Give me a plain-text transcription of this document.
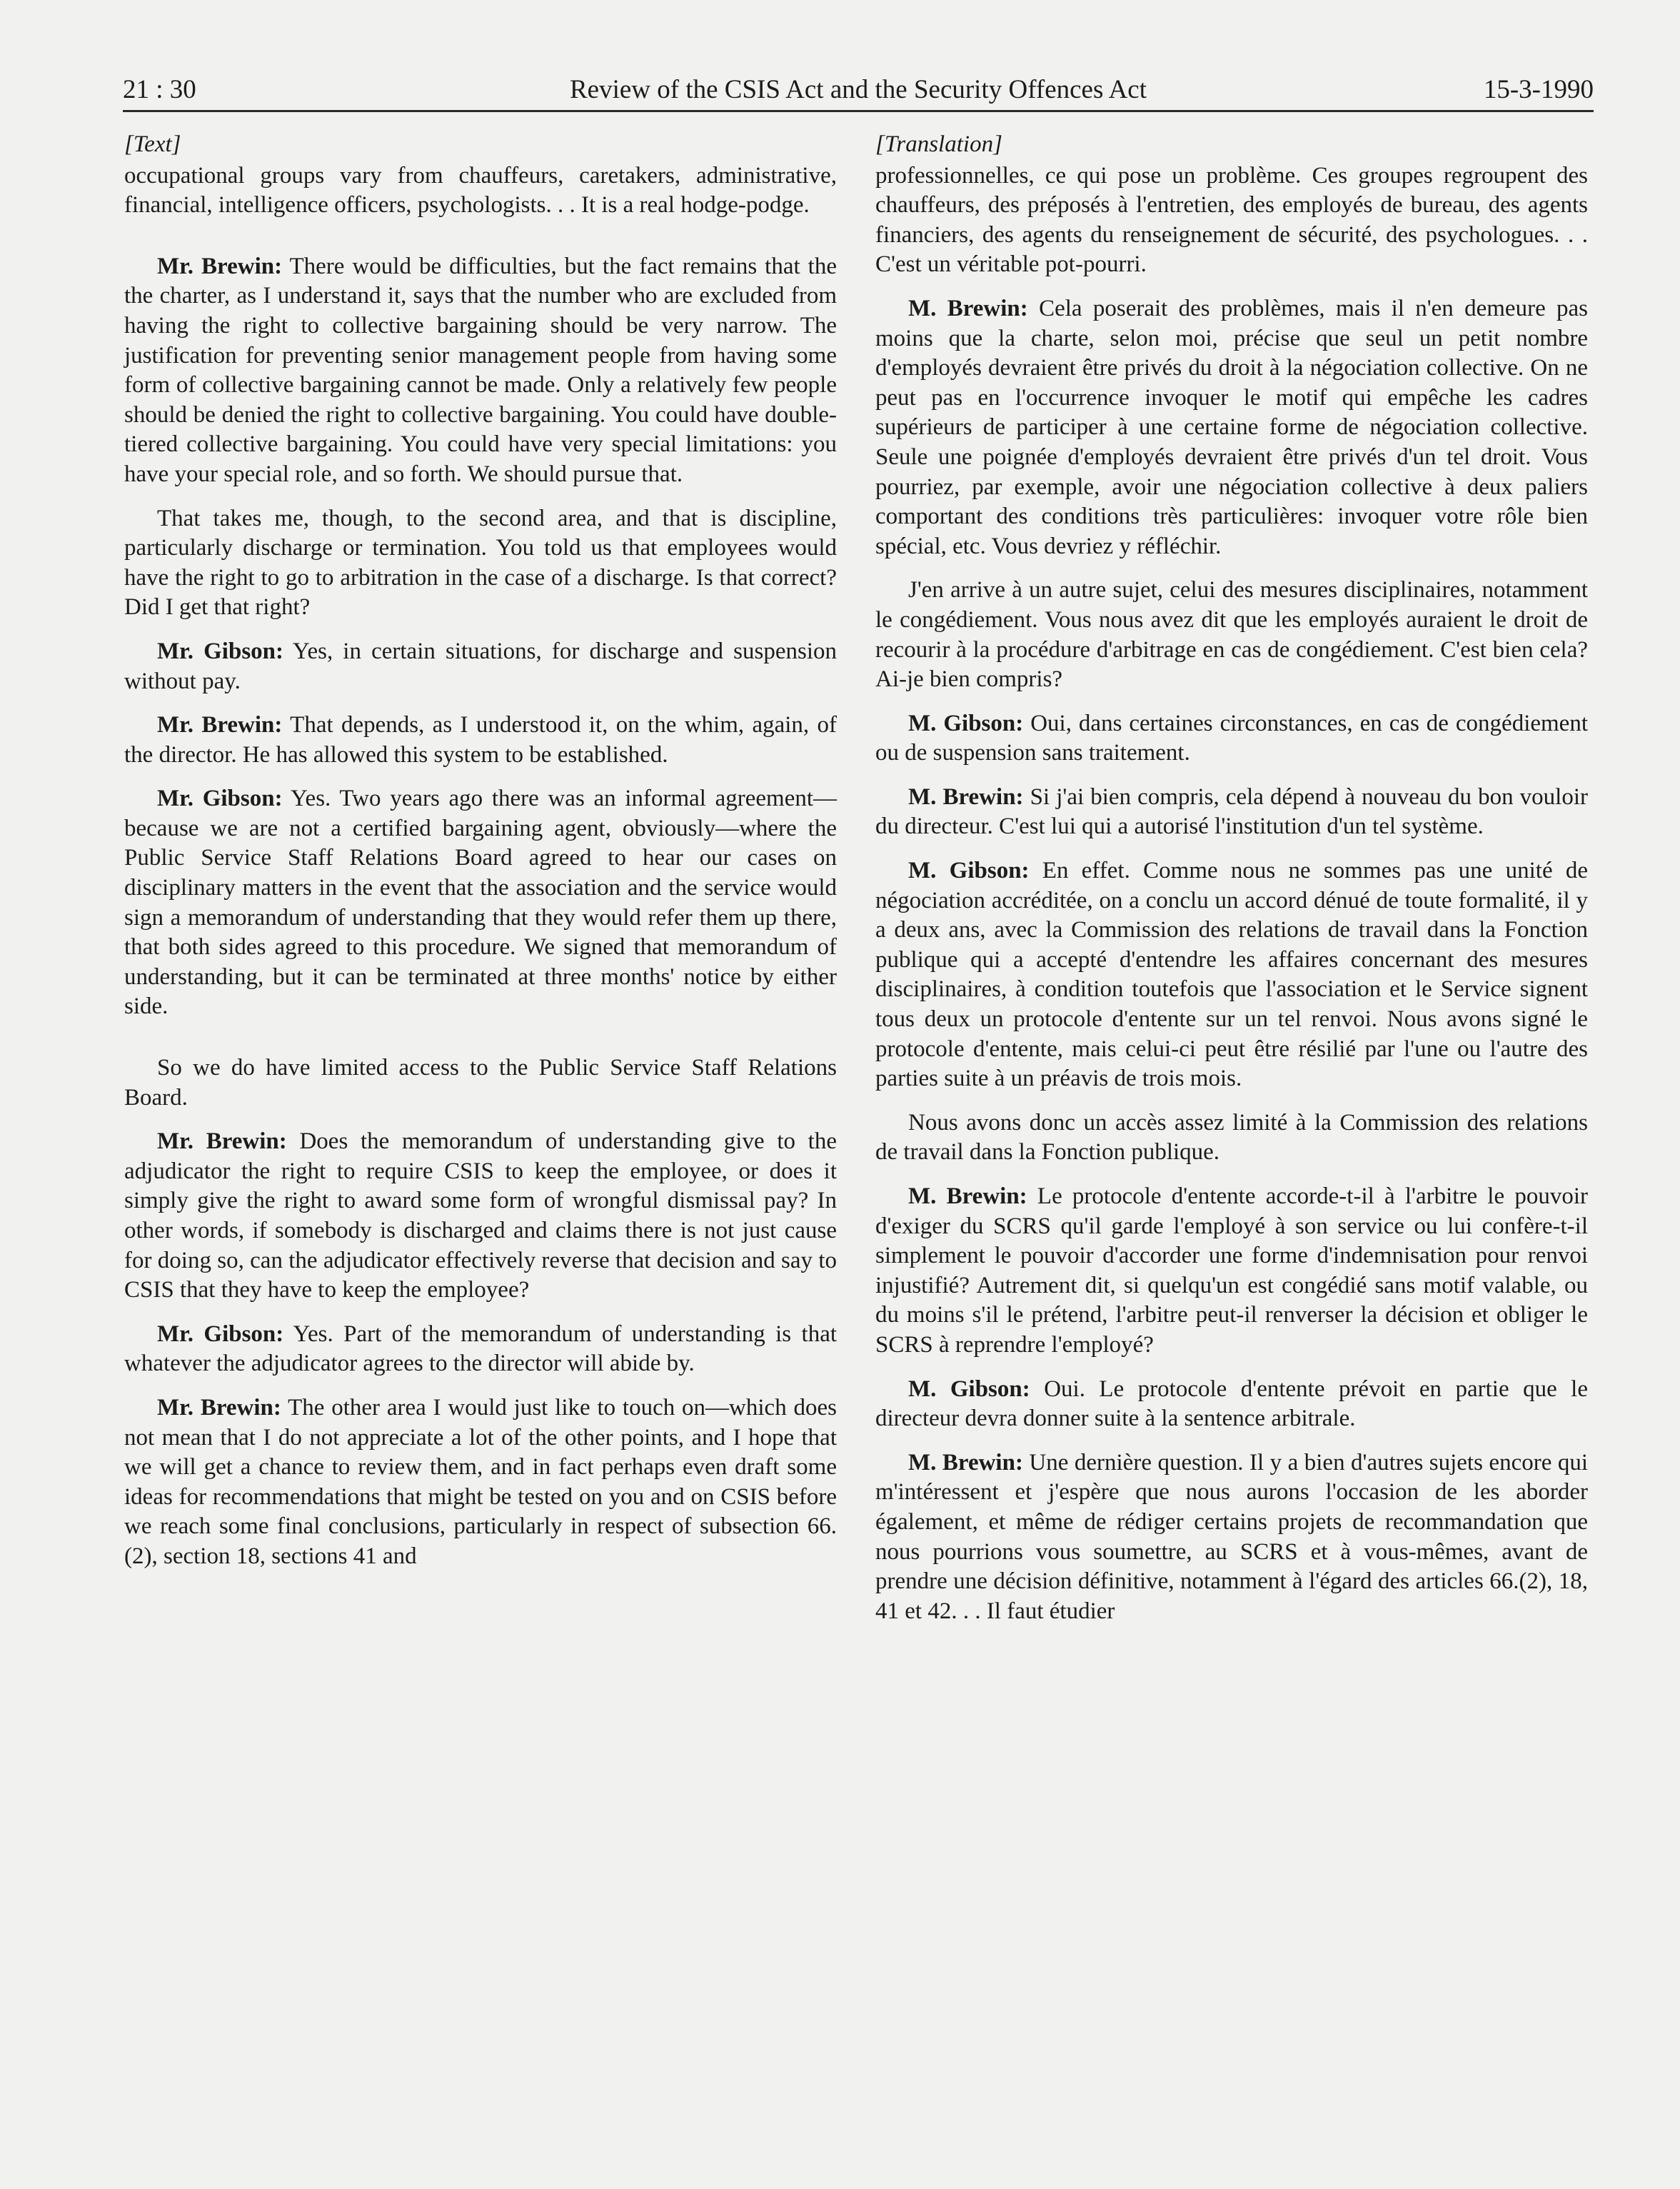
21 : 30	Review of the CSIS Act and the Security Offences Act	15-3-1990
[Text]

occupational groups vary from chauffeurs, caretakers, administrative, financial, intelligence officers, psychologists. . . It is a real hodge-podge.

Mr. Brewin: There would be difficulties, but the fact remains that the the charter, as I understand it, says that the number who are excluded from having the right to collective bargaining should be very narrow. The justification for preventing senior management people from having some form of collective bargaining cannot be made. Only a relatively few people should be denied the right to collective bargaining. You could have double-tiered collective bargaining. You could have very special limitations: you have your special role, and so forth. We should pursue that.

That takes me, though, to the second area, and that is discipline, particularly discharge or termination. You told us that employees would have the right to go to arbitration in the case of a discharge. Is that correct? Did I get that right?

Mr. Gibson: Yes, in certain situations, for discharge and suspension without pay.

Mr. Brewin: That depends, as I understood it, on the whim, again, of the director. He has allowed this system to be established.

Mr. Gibson: Yes. Two years ago there was an informal agreement—because we are not a certified bargaining agent, obviously—where the Public Service Staff Relations Board agreed to hear our cases on disciplinary matters in the event that the association and the service would sign a memorandum of understanding that they would refer them up there, that both sides agreed to this procedure. We signed that memorandum of understanding, but it can be terminated at three months' notice by either side.

So we do have limited access to the Public Service Staff Relations Board.

Mr. Brewin: Does the memorandum of understanding give to the adjudicator the right to require CSIS to keep the employee, or does it simply give the right to award some form of wrongful dismissal pay? In other words, if somebody is discharged and claims there is not just cause for doing so, can the adjudicator effectively reverse that decision and say to CSIS that they have to keep the employee?

Mr. Gibson: Yes. Part of the memorandum of understanding is that whatever the adjudicator agrees to the director will abide by.

Mr. Brewin: The other area I would just like to touch on—which does not mean that I do not appreciate a lot of the other points, and I hope that we will get a chance to review them, and in fact perhaps even draft some ideas for recommendations that might be tested on you and on CSIS before we reach some final conclusions, particularly in respect of subsection 66.(2), section 18, sections 41 and

[Translation]

professionnelles, ce qui pose un problème. Ces groupes regroupent des chauffeurs, des préposés à l'entretien, des employés de bureau, des agents financiers, des agents du renseignement de sécurité, des psychologues. . . C'est un véritable pot-pourri.

M. Brewin: Cela poserait des problèmes, mais il n'en demeure pas moins que la charte, selon moi, précise que seul un petit nombre d'employés devraient être privés du droit à la négociation collective. On ne peut pas en l'occurrence invoquer le motif qui empêche les cadres supérieurs de participer à une certaine forme de négociation collective. Seule une poignée d'employés devraient être privés d'un tel droit. Vous pourriez, par exemple, avoir une négociation collective à deux paliers comportant des conditions très particulières: invoquer votre rôle bien spécial, etc. Vous devriez y réfléchir.

J'en arrive à un autre sujet, celui des mesures disciplinaires, notamment le congédiement. Vous nous avez dit que les employés auraient le droit de recourir à la procédure d'arbitrage en cas de congédiement. C'est bien cela? Ai-je bien compris?

M. Gibson: Oui, dans certaines circonstances, en cas de congédiement ou de suspension sans traitement.

M. Brewin: Si j'ai bien compris, cela dépend à nouveau du bon vouloir du directeur. C'est lui qui a autorisé l'institution d'un tel système.

M. Gibson: En effet. Comme nous ne sommes pas une unité de négociation accréditée, on a conclu un accord dénué de toute formalité, il y a deux ans, avec la Commission des relations de travail dans la Fonction publique qui a accepté d'entendre les affaires concernant des mesures disciplinaires, à condition toutefois que l'association et le Service signent tous deux un protocole d'entente sur un tel renvoi. Nous avons signé le protocole d'entente, mais celui-ci peut être résilié par l'une ou l'autre des parties suite à un préavis de trois mois.

Nous avons donc un accès assez limité à la Commission des relations de travail dans la Fonction publique.

M. Brewin: Le protocole d'entente accorde-t-il à l'arbitre le pouvoir d'exiger du SCRS qu'il garde l'employé à son service ou lui confère-t-il simplement le pouvoir d'accorder une forme d'indemnisation pour renvoi injustifié? Autrement dit, si quelqu'un est congédié sans motif valable, ou du moins s'il le prétend, l'arbitre peut-il renverser la décision et obliger le SCRS à reprendre l'employé?

M. Gibson: Oui. Le protocole d'entente prévoit en partie que le directeur devra donner suite à la sentence arbitrale.

M. Brewin: Une dernière question. Il y a bien d'autres sujets encore qui m'intéressent et j'espère que nous aurons l'occasion de les aborder également, et même de rédiger certains projets de recommandation que nous pourrions vous soumettre, au SCRS et à vous-mêmes, avant de prendre une décision définitive, notamment à l'égard des articles 66.(2), 18, 41 et 42. . . Il faut étudier
